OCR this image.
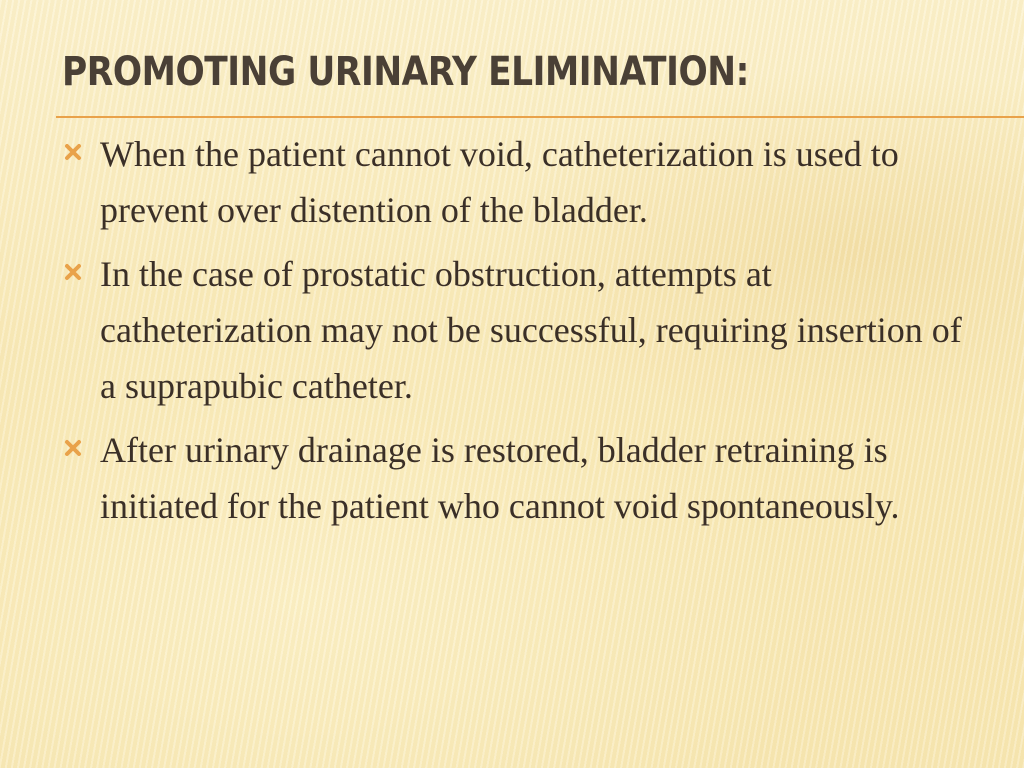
PROMOTING URINARY ELIMINATION:
When the patient cannot void, catheterization is used to prevent over distention of the bladder.
In the case of prostatic obstruction, attempts at catheterization may not be successful, requiring insertion of a suprapubic catheter.
After urinary drainage is restored, bladder retraining is initiated for the patient who cannot void spontaneously.
